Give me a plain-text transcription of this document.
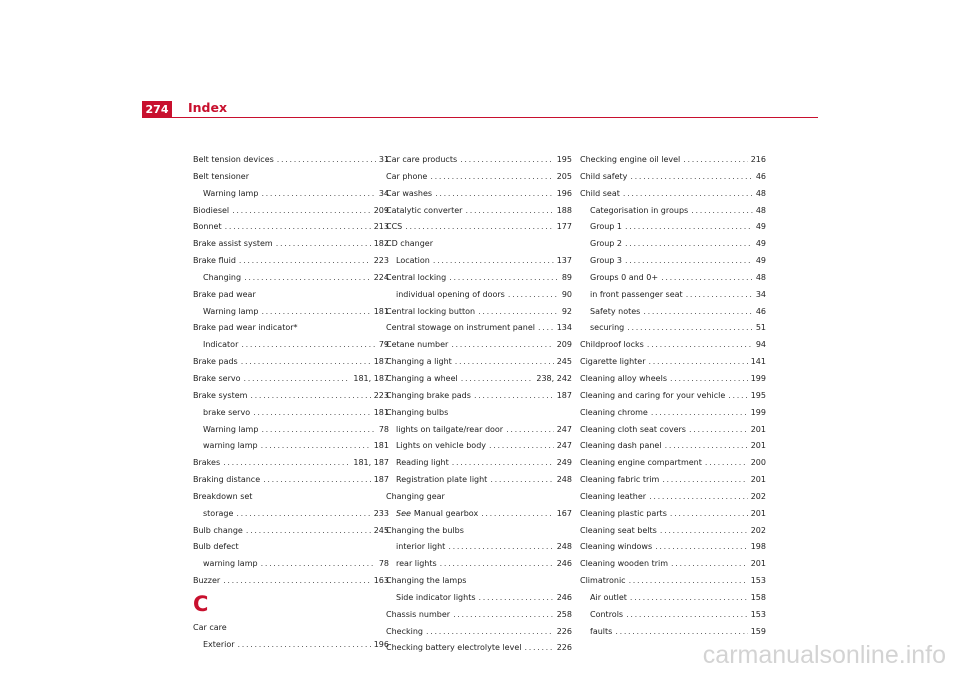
274 Index
Belt tension devices .....	31
Belt tensioner
Warning lamp .....	34
Biodiesel .....	209
Bonnet .....	213
Brake assist system .....	182
Brake fluid .....	223
Changing .....	224
Brake pad wear
Warning lamp .....	181
Brake pad wear indicator*
Indicator .....	79
Brake pads .....	187
Brake servo .....	181, 187
Brake system .....	223
brake servo .....	181
Warning lamp .....	78
warning lamp .....	181
Brakes .....	181, 187
Braking distance .....	187
Breakdown set
storage .....	233
Bulb change .....	245
Bulb defect
warning lamp .....	78
Buzzer .....	163
C
Car care
Exterior .....	196
Car care products .....	195
Car phone .....	205
Car washes .....	196
Catalytic converter .....	188
CCS .....	177
CD changer
Location .....	137
Central locking .....	89
individual opening of doors .....	90
Central locking button .....	92
Central stowage on instrument panel .....	134
Cetane number .....	209
Changing a light .....	245
Changing a wheel .....	238, 242
Changing brake pads .....	187
Changing bulbs
lights on tailgate/rear door .....	247
Lights on vehicle body .....	247
Reading light .....	249
Registration plate light .....	248
Changing gear
See Manual gearbox .....	167
Changing the bulbs
interior light .....	248
rear lights .....	246
Changing the lamps
Side indicator lights .....	246
Chassis number .....	258
Checking .....	226
Checking battery electrolyte level .....	226
Checking engine oil level .....	216
Child safety .....	46
Child seat .....	48
Categorisation in groups .....	48
Group 1 .....	49
Group 2 .....	49
Group 3 .....	49
Groups 0 and 0+ .....	48
in front passenger seat .....	34
Safety notes .....	46
securing .....	51
Childproof locks .....	94
Cigarette lighter .....	141
Cleaning alloy wheels .....	199
Cleaning and caring for your vehicle .....	195
Cleaning chrome .....	199
Cleaning cloth seat covers .....	201
Cleaning dash panel .....	201
Cleaning engine compartment .....	200
Cleaning fabric trim .....	201
Cleaning leather .....	202
Cleaning plastic parts .....	201
Cleaning seat belts .....	202
Cleaning windows .....	198
Cleaning wooden trim .....	201
Climatronic .....	153
Air outlet .....	158
Controls .....	153
faults .....	159
carmanualsonline.info
